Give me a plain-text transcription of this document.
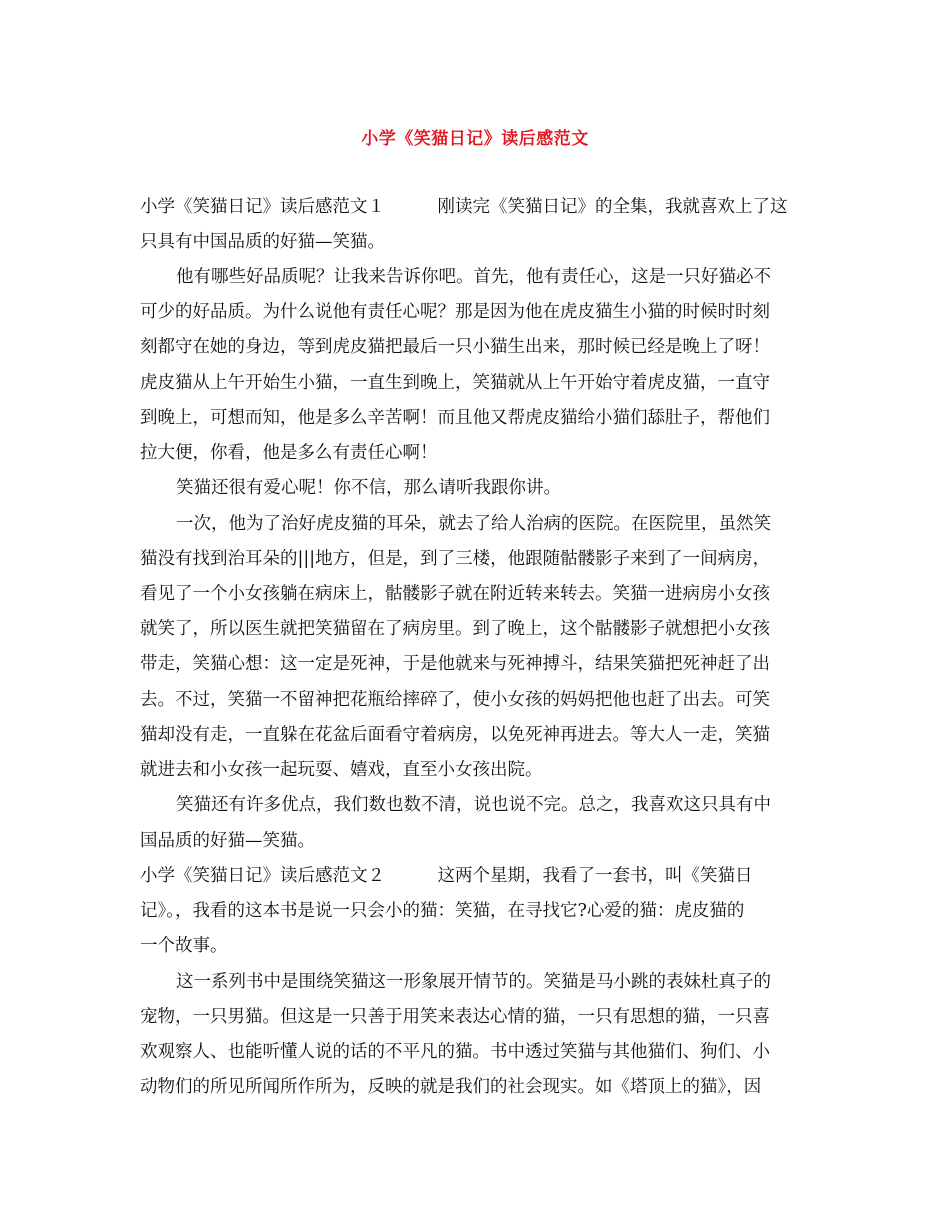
小学《笑猫日记》读后感范文
小学《笑猫日记》读后感范文１　　　刚读完《笑猫日记》的全集，我就喜欢上了这
只具有中国品质的好猫—笑猫。
他有哪些好品质呢？让我来告诉你吧。首先，他有责任心，这是一只好猫必不
可少的好品质。为什么说他有责任心呢？那是因为他在虎皮猫生小猫的时候时时刻
刻都守在她的身边，等到虎皮猫把最后一只小猫生出来，那时候已经是晚上了呀！
虎皮猫从上午开始生小猫，一直生到晚上，笑猫就从上午开始守着虎皮猫，一直守
到晚上，可想而知，他是多么辛苦啊！而且他又帮虎皮猫给小猫们舔肚子，帮他们
拉大便，你看，他是多么有责任心啊！
笑猫还很有爱心呢！你不信，那么请听我跟你讲。
一次，他为了治好虎皮猫的耳朵，就去了给人治病的医院。在医院里，虽然笑
猫没有找到治耳朵的|||地方，但是，到了三楼，他跟随骷髅影子来到了一间病房，
看见了一个小女孩躺在病床上，骷髅影子就在附近转来转去。笑猫一进病房小女孩
就笑了，所以医生就把笑猫留在了病房里。到了晚上，这个骷髅影子就想把小女孩
带走，笑猫心想：这一定是死神，于是他就来与死神搏斗，结果笑猫把死神赶了出
去。不过，笑猫一不留神把花瓶给摔碎了，使小女孩的妈妈把他也赶了出去。可笑
猫却没有走，一直躲在花盆后面看守着病房，以免死神再进去。等大人一走，笑猫
就进去和小女孩一起玩耍、嬉戏，直至小女孩出院。
笑猫还有许多优点，我们数也数不清，说也说不完。总之，我喜欢这只具有中
国品质的好猫—笑猫。
小学《笑猫日记》读后感范文２　　　这两个星期，我看了一套书，叫《笑猫日
记》。，我看的这本书是说一只会小的猫：笑猫，在寻找它?心爱的猫：虎皮猫的
一个故事。
这一系列书中是围绕笑猫这一形象展开情节的。笑猫是马小跳的表妹杜真子的
宠物，一只男猫。但这是一只善于用笑来表达心情的猫，一只有思想的猫，一只喜
欢观察人、也能听懂人说的话的不平凡的猫。书中透过笑猫与其他猫们、狗们、小
动物们的所见所闻所作所为，反映的就是我们的社会现实。如《塔顶上的猫》，因
